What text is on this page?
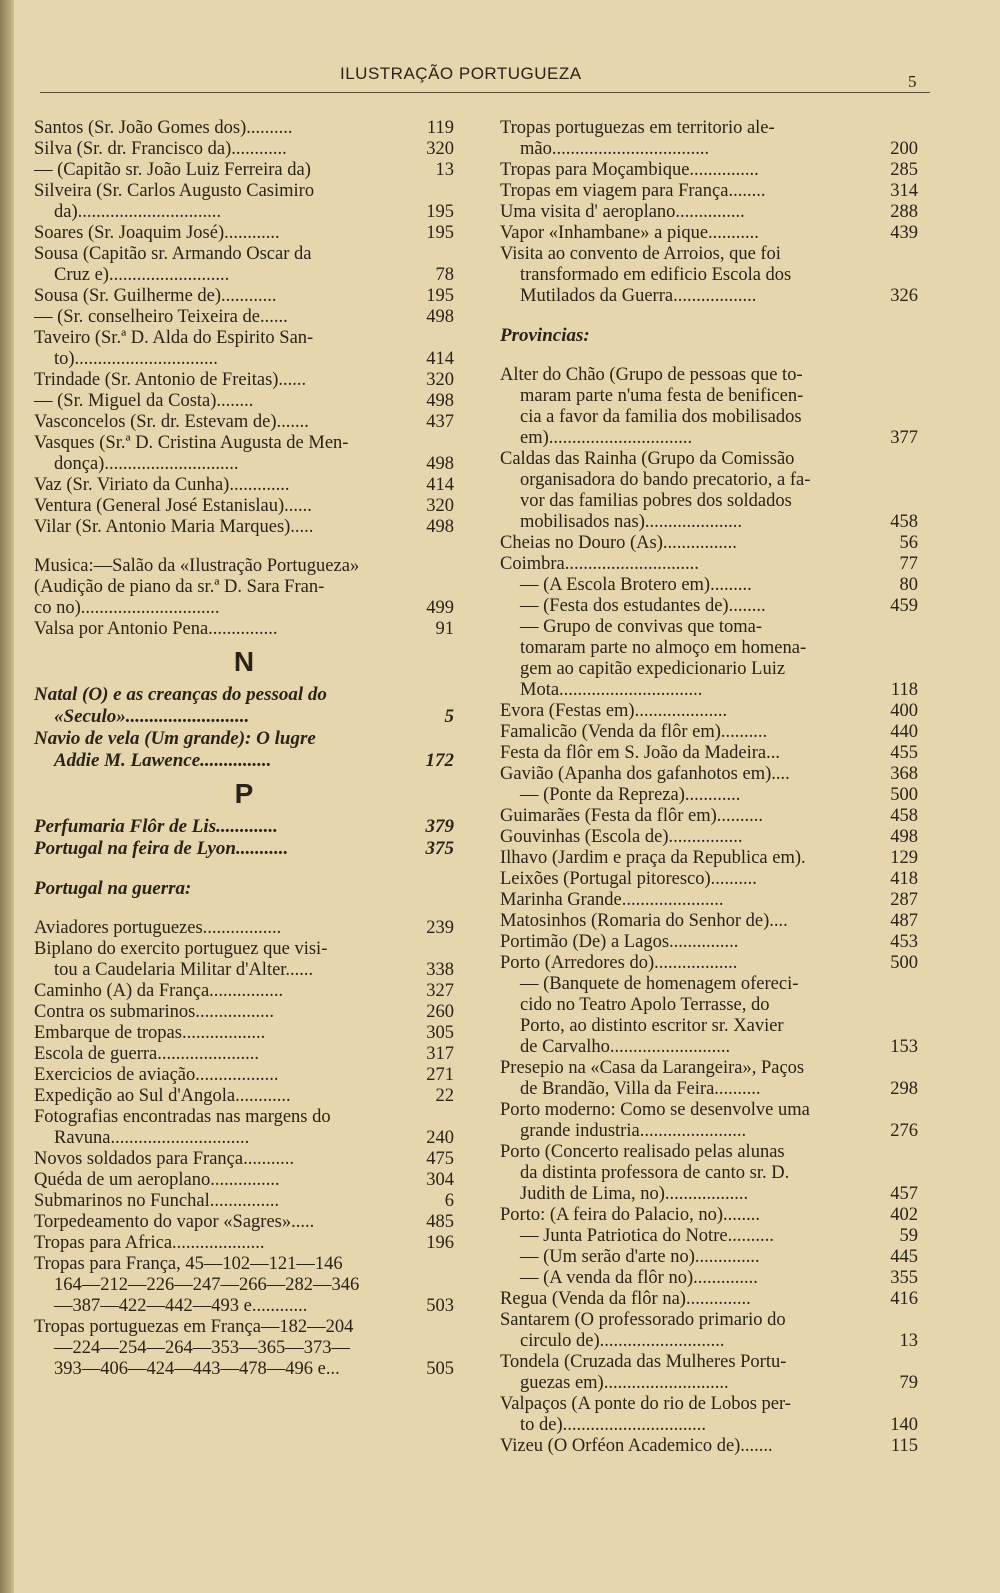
ILUSTRAÇÃO PORTUGUEZA	5
Santos (Sr. João Gomes dos)..........	119
Silva (Sr. dr. Francisco da)............	320
— (Capitão sr. João Luiz Ferreira da)	13
Silveira (Sr. Carlos Augusto Casimiro
da)...............................	195
Soares (Sr. Joaquim José)............	195
Sousa (Capitão sr. Armando Oscar da
Cruz e)..........................	78
Sousa (Sr. Guilherme de)............	195
— (Sr. conselheiro Teixeira de......	498
Taveiro (Sr.ª D. Alda do Espirito San-
to)...............................	414
Trindade (Sr. Antonio de Freitas)......	320
— (Sr. Miguel da Costa)........	498
Vasconcelos (Sr. dr. Estevam de).......	437
Vasques (Sr.ª D. Cristina Augusta de Men-
donça).............................	498
Vaz (Sr. Viriato da Cunha).............	414
Ventura (General José Estanislau)......	320
Vilar (Sr. Antonio Maria Marques).....	498
Musica:—Salão da «Ilustração Portugueza»
(Audição de piano da sr.ª D. Sara Fran-
co no)..............................	499
Valsa por Antonio Pena...............	91
N
Natal (O) e as creanças do pessoal do
«Seculo»..........................	5
Navio de vela (Um grande): O lugre
Addie M. Lawence...............	172
P
Perfumaria Flôr de Lis.............	379
Portugal na feira de Lyon...........	375
Portugal na guerra:
Aviadores portuguezes.................	239
Biplano do exercito portuguez que visi-
tou a Caudelaria Militar d'Alter......	338
Caminho (A) da França................	327
Contra os submarinos.................	260
Embarque de tropas..................	305
Escola de guerra......................	317
Exercicios de aviação..................	271
Expedição ao Sul d'Angola............	22
Fotografias encontradas nas margens do
Ravuna..............................	240
Novos soldados para França...........	475
Quéda de um aeroplano...............	304
Submarinos no Funchal...............	6
Torpedeamento do vapor «Sagres».....	485
Tropas para Africa....................	196
Tropas para França, 45—102—121—146
164—212—226—247—266—282—346
—387—422—442—493 e............	503
Tropas portuguezas em França—182—204
—224—254—264—353—365—373—
393—406—424—443—478—496 e...	505
Tropas portuguezas em territorio ale-
mão..................................	200
Tropas para Moçambique...............	285
Tropas em viagem para França........	314
Uma visita d' aeroplano...............	288
Vapor «Inhambane» a pique...........	439
Visita ao convento de Arroios, que foi
transformado em edificio Escola dos
Mutilados da Guerra..................	326
Provincias:
Alter do Chão (Grupo de pessoas que to-
maram parte n'uma festa de benificen-
cia a favor da familia dos mobilisados
em)...............................	377
Caldas das Rainha (Grupo da Comissão
organisadora do bando precatorio, a fa-
vor das familias pobres dos soldados
mobilisados nas).....................	458
Cheias no Douro (As)................	56
Coimbra.............................	77
— (A Escola Brotero em).........	80
— (Festa dos estudantes de)........	459
— Grupo de convivas que toma-
tomaram parte no almoço em homena-
gem ao capitão expedicionario Luiz
Mota...............................	118
Evora (Festas em)....................	400
Famalicão (Venda da flôr em)..........	440
Festa da flôr em S. João da Madeira...	455
Gavião (Apanha dos gafanhotos em)....	368
— (Ponte da Repreza)............	500
Guimarães (Festa da flôr em)..........	458
Gouvinhas (Escola de)................	498
Ilhavo (Jardim e praça da Republica em).	129
Leixões (Portugal pitoresco)..........	418
Marinha Grande......................	287
Matosinhos (Romaria do Senhor de)....	487
Portimão (De) a Lagos...............	453
Porto (Arredores do)..................	500
— (Banquete de homenagem ofereci-
cido no Teatro Apolo Terrasse, do
Porto, ao distinto escritor sr. Xavier
de Carvalho..........................	153
Presepio na «Casa da Larangeira», Paços
de Brandão, Villa da Feira..........	298
Porto moderno: Como se desenvolve uma
grande industria.......................	276
Porto (Concerto realisado pelas alunas
da distinta professora de canto sr. D.
Judith de Lima, no)..................	457
Porto: (A feira do Palacio, no)........	402
— Junta Patriotica do Notre..........	59
— (Um serão d'arte no)..............	445
— (A venda da flôr no)..............	355
Regua (Venda da flôr na)..............	416
Santarem (O professorado primario do
circulo de)...........................	13
Tondela (Cruzada das Mulheres Portu-
guezas em)...........................	79
Valpaços (A ponte do rio de Lobos per-
to de)...............................	140
Vizeu (O Orféon Academico de).......	115
